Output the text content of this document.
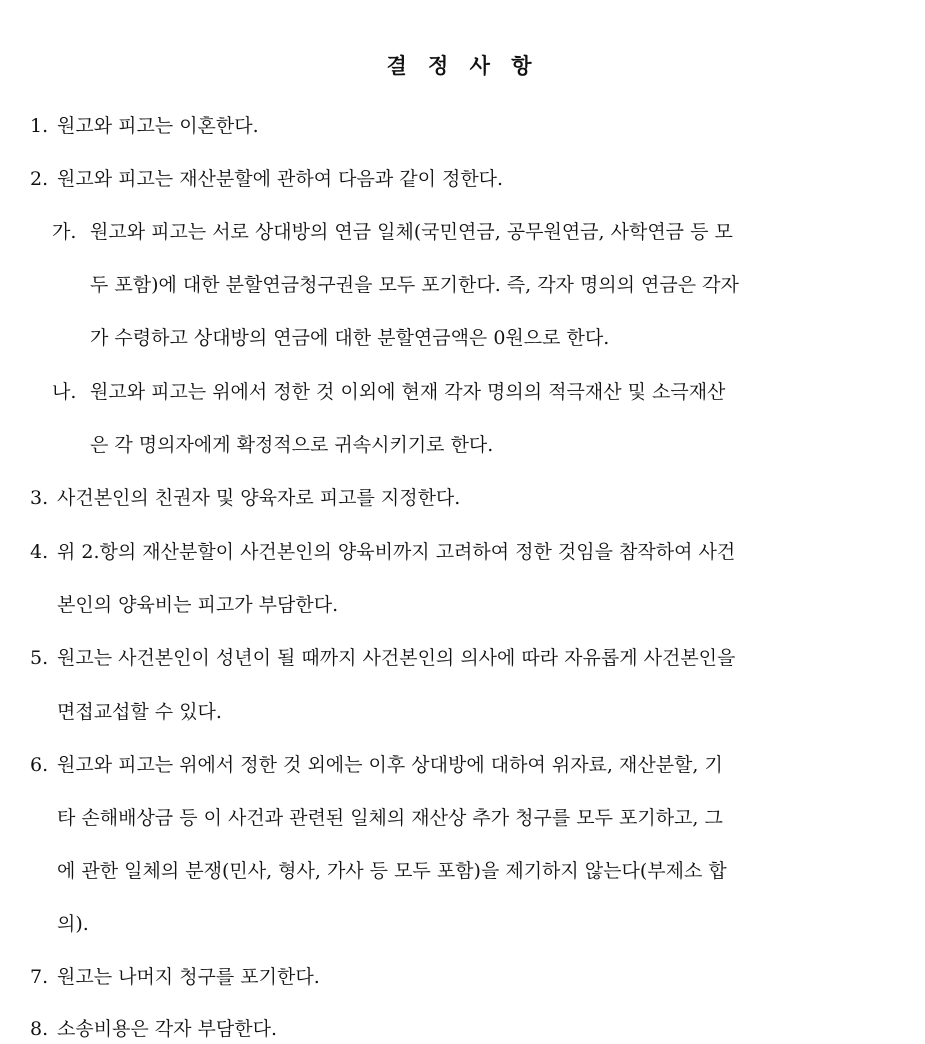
결 정 사 항
1. 원고와 피고는 이혼한다.
2. 원고와 피고는 재산분할에 관하여 다음과 같이 정한다.
가. 원고와 피고는 서로 상대방의 연금 일체(국민연금, 공무원연금, 사학연금 등 모
두 포함)에 대한 분할연금청구권을 모두 포기한다. 즉, 각자 명의의 연금은 각자
가 수령하고 상대방의 연금에 대한 분할연금액은 0원으로 한다.
나. 원고와 피고는 위에서 정한 것 이외에 현재 각자 명의의 적극재산 및 소극재산
은 각 명의자에게 확정적으로 귀속시키기로 한다.
3. 사건본인의 친권자 및 양육자로 피고를 지정한다.
4. 위 2.항의 재산분할이 사건본인의 양육비까지 고려하여 정한 것임을 참작하여 사건
본인의 양육비는 피고가 부담한다.
5. 원고는 사건본인이 성년이 될 때까지 사건본인의 의사에 따라 자유롭게 사건본인을
면접교섭할 수 있다.
6. 원고와 피고는 위에서 정한 것 외에는 이후 상대방에 대하여 위자료, 재산분할, 기
타 손해배상금 등 이 사건과 관련된 일체의 재산상 추가 청구를 모두 포기하고, 그
에 관한 일체의 분쟁(민사, 형사, 가사 등 모두 포함)을 제기하지 않는다(부제소 합
의).
7. 원고는 나머지 청구를 포기한다.
8. 소송비용은 각자 부담한다.
